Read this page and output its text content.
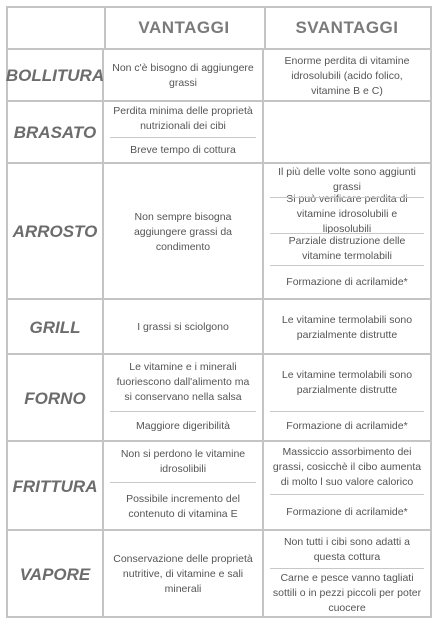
VANTAGGI	SVANTAGGI
BOLLITURA Non c'è bisogno di aggiungere grassi
Enorme perdita di vitamine idrosolubili (acido folico, vitamine B e C)
BRASATO
Perdita minima delle proprietà nutrizionali dei cibi
Breve tempo di cottura
ARROSTO
Non sempre bisogna aggiungere grassi da condimento
Il più delle volte sono aggiunti grassi
Si può verificare perdita di vitamine idrosolubili e liposolubili
Parziale distruzione delle vitamine termolabili
Formazione di acrilamide*
GRILL	I grassi si sciolgono
Le vitamine termolabili sono parzialmente distrutte
FORNO
Le vitamine e i minerali fuoriescono dall'alimento ma si conservano nella salsa
Maggiore digeribilità
Le vitamine termolabili sono parzialmente distrutte
Formazione di acrilamide*
FRITTURA
Non si perdono le vitamine idrosolibili
Possibile incremento del contenuto di vitamina E
Massiccio assorbimento dei grassi, cosicchè il cibo aumenta di molto l suo valore calorico
Formazione di acrilamide*
VAPORE
Conservazione delle proprietà nutritive, di vitamine e sali minerali
Non tutti i cibi sono adatti a questa cottura
Carne e pesce vanno tagliati sottili o in pezzi piccoli per poter cuocere
